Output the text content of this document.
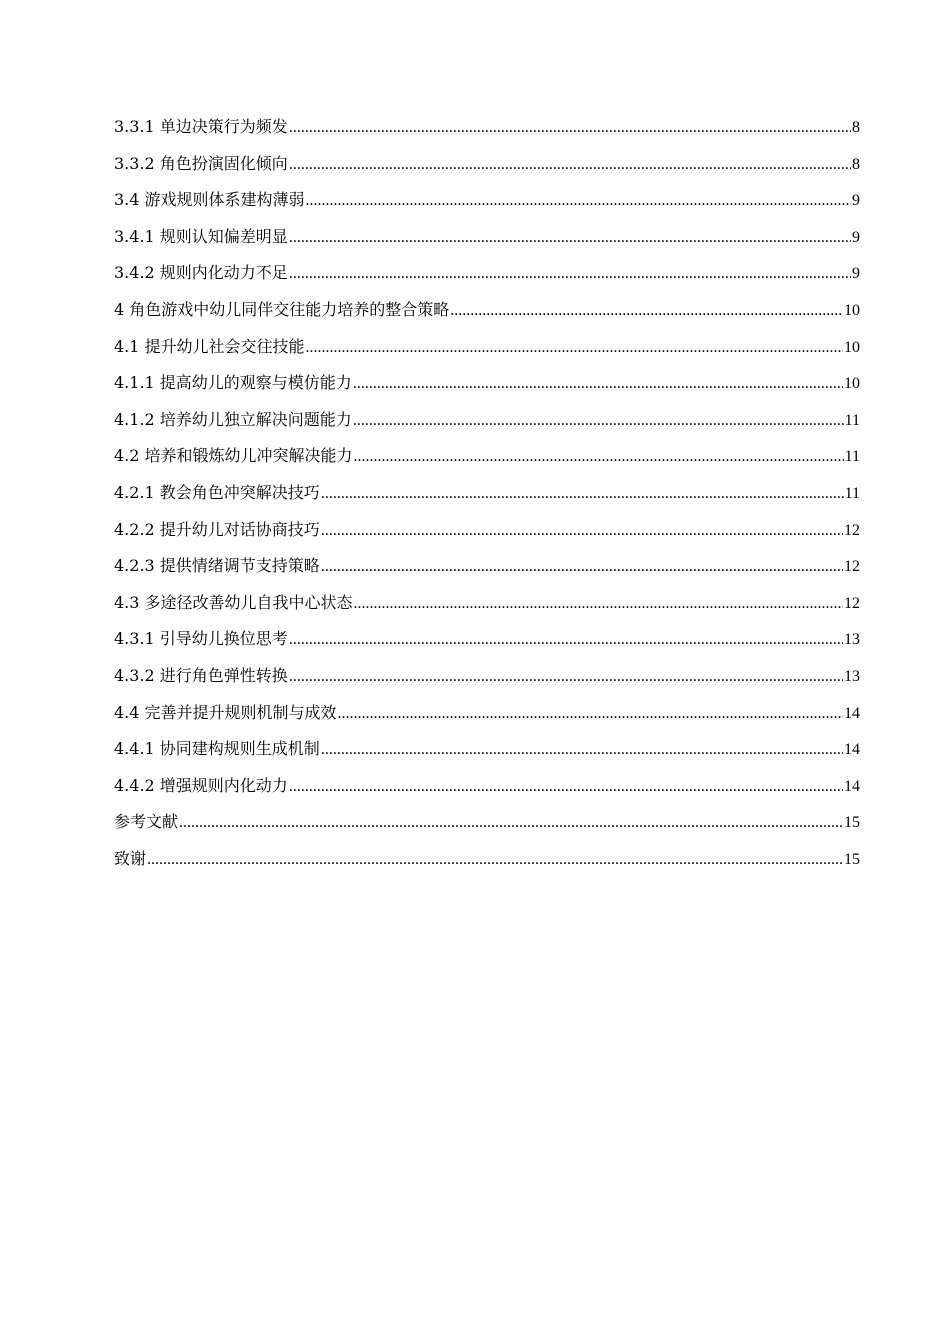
3.3.1 单边决策行为频发 .....	8
3.3.2 角色扮演固化倾向 .....	8
3.4 游戏规则体系建构薄弱 .....	9
3.4.1 规则认知偏差明显 .....	9
3.4.2 规则内化动力不足 .....	9
4 角色游戏中幼儿同伴交往能力培养的整合策略 .....	10
4.1 提升幼儿社会交往技能 .....	10
4.1.1 提高幼儿的观察与模仿能力 .....	10
4.1.2 培养幼儿独立解决问题能力 .....	11
4.2 培养和锻炼幼儿冲突解决能力 .....	11
4.2.1 教会角色冲突解决技巧 .....	11
4.2.2 提升幼儿对话协商技巧 .....	12
4.2.3 提供情绪调节支持策略 .....	12
4.3 多途径改善幼儿自我中心状态 .....	12
4.3.1 引导幼儿换位思考 .....	13
4.3.2 进行角色弹性转换 .....	13
4.4 完善并提升规则机制与成效 .....	14
4.4.1 协同建构规则生成机制 .....	14
4.4.2 增强规则内化动力 .....	14
参考文献 .....	15
致谢 .....	15
